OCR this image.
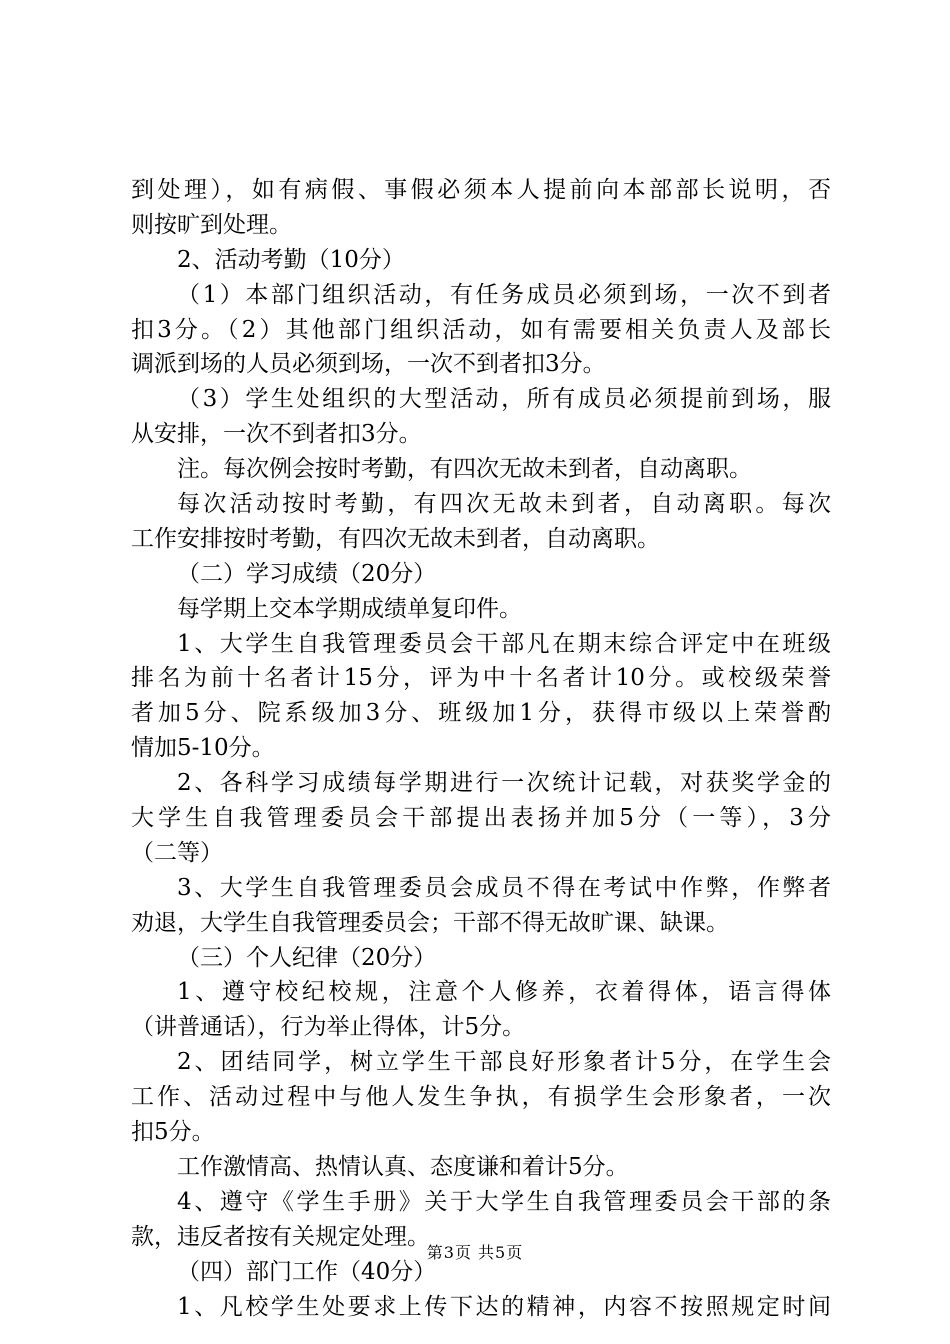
到处理），如有病假、事假必须本人提前向本部部长说明，否
则按旷到处理。
2、活动考勤（10分）
（1）本部门组织活动，有任务成员必须到场，一次不到者
扣3分。（2）其他部门组织活动，如有需要相关负责人及部长
调派到场的人员必须到场，一次不到者扣3分。
（3）学生处组织的大型活动，所有成员必须提前到场，服
从安排，一次不到者扣3分。
注。每次例会按时考勤，有四次无故未到者，自动离职。
每次活动按时考勤，有四次无故未到者，自动离职。每次
工作安排按时考勤，有四次无故未到者，自动离职。
（二）学习成绩（20分）
每学期上交本学期成绩单复印件。
1、大学生自我管理委员会干部凡在期末综合评定中在班级
排名为前十名者计15分，评为中十名者计10分。或校级荣誉
者加5分、院系级加3分、班级加1分，获得市级以上荣誉酌
情加5-10分。
2、各科学习成绩每学期进行一次统计记载，对获奖学金的
大学生自我管理委员会干部提出表扬并加5分（一等），3分
（二等）
3、大学生自我管理委员会成员不得在考试中作弊，作弊者
劝退，大学生自我管理委员会；干部不得无故旷课、缺课。
（三）个人纪律（20分）
1、遵守校纪校规，注意个人修养，衣着得体，语言得体
（讲普通话），行为举止得体，计5分。
2、团结同学，树立学生干部良好形象者计5分，在学生会
工作、活动过程中与他人发生争执，有损学生会形象者，一次
扣5分。
工作激情高、热情认真、态度谦和着计5分。
4、遵守《学生手册》关于大学生自我管理委员会干部的条
款，违反者按有关规定处理。
（四）部门工作（40分）
1、凡校学生处要求上传下达的精神，内容不按照规定时间
第3页 共5页
